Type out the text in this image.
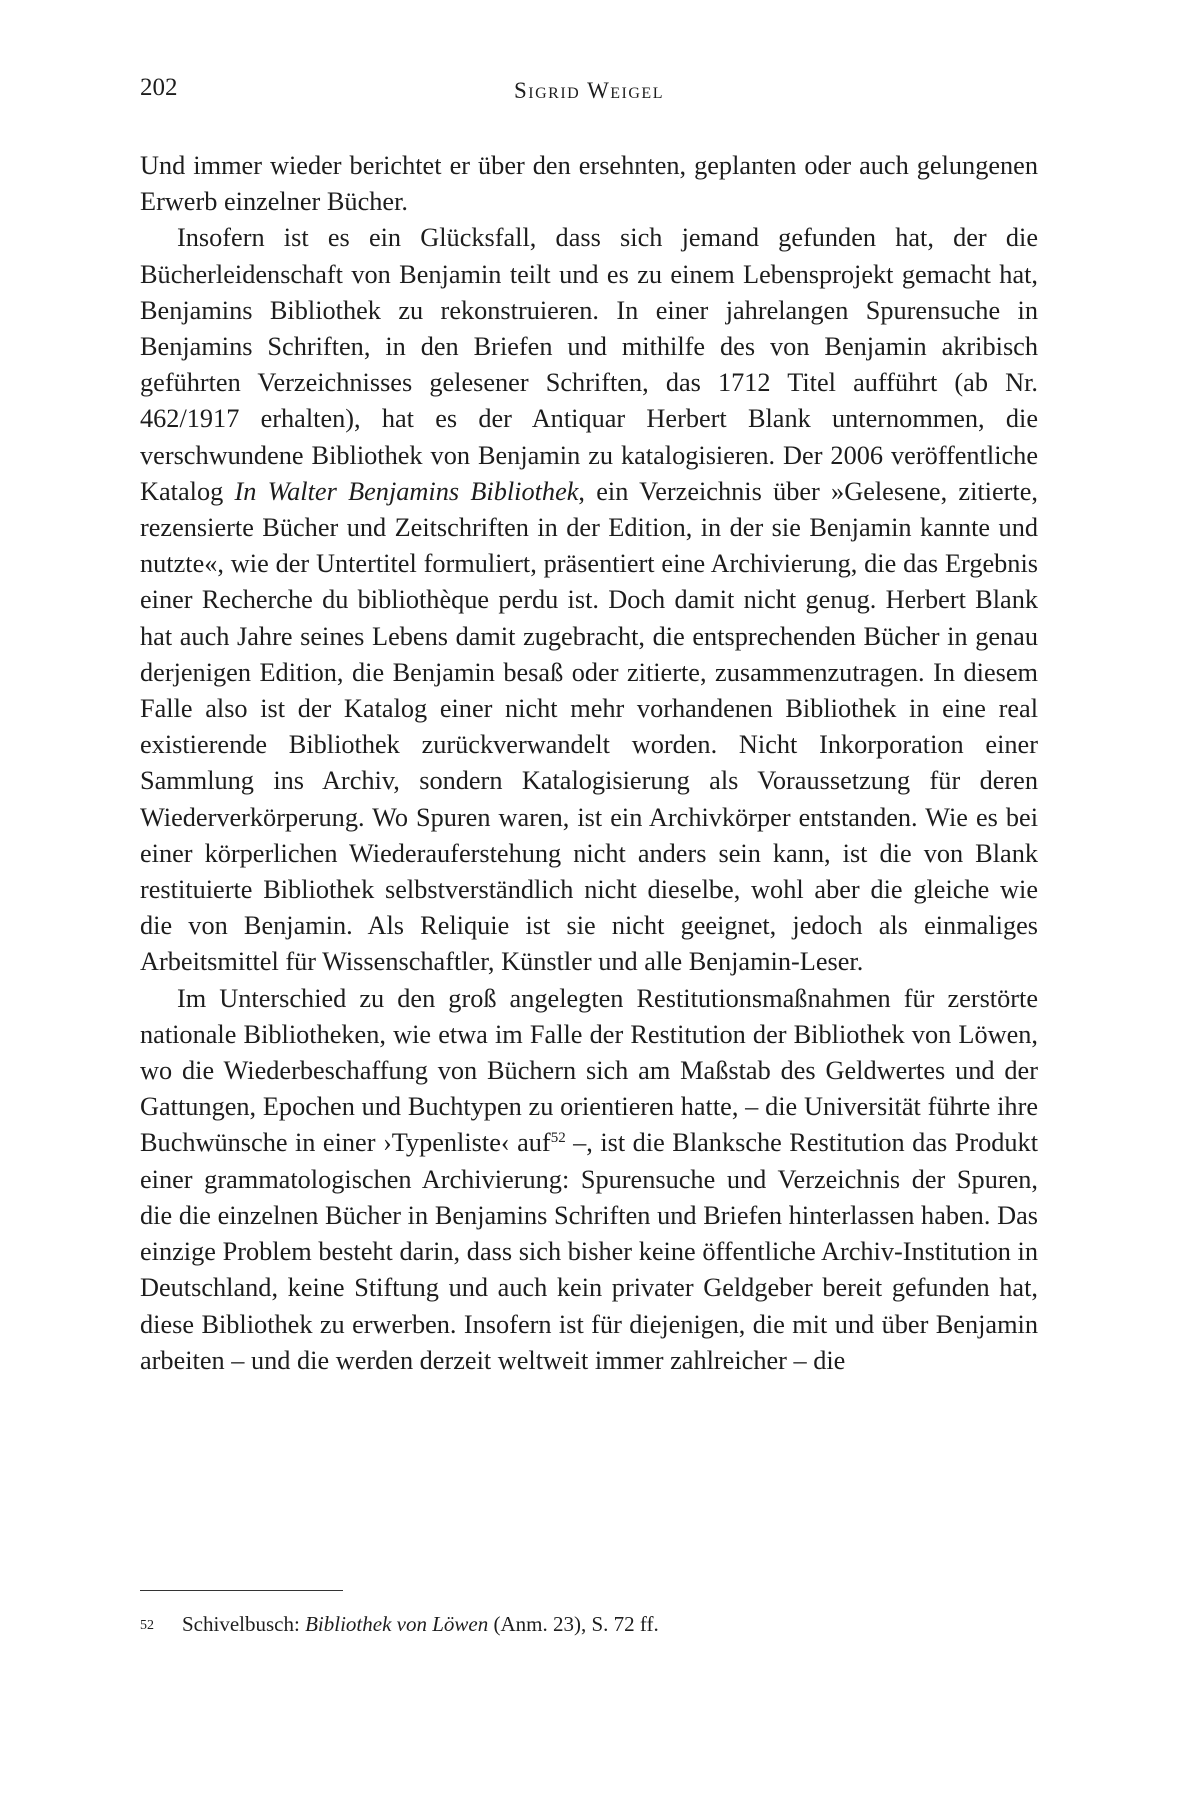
202	Sigrid Weigel

Und immer wieder berichtet er über den ersehnten, geplanten oder auch gelungenen Erwerb einzelner Bücher.

Insofern ist es ein Glücksfall, dass sich jemand gefunden hat, der die Bücherleidenschaft von Benjamin teilt und es zu einem Lebensprojekt gemacht hat, Benjamins Bibliothek zu rekonstruieren. In einer jahrelangen Spurensuche in Benjamins Schriften, in den Briefen und mithilfe des von Benjamin akribisch geführten Verzeichnisses gelesener Schriften, das 1712 Titel aufführt (ab Nr. 462/1917 erhalten), hat es der Antiquar Herbert Blank unternommen, die verschwundene Bibliothek von Benjamin zu katalogisieren. Der 2006 veröffentliche Katalog In Walter Benjamins Bibliothek, ein Verzeichnis über »Gelesene, zitierte, rezensierte Bücher und Zeitschriften in der Edition, in der sie Benjamin kannte und nutzte«, wie der Untertitel formuliert, präsentiert eine Archivierung, die das Ergebnis einer Recherche du bibliothèque perdu ist. Doch damit nicht genug. Herbert Blank hat auch Jahre seines Lebens damit zugebracht, die entsprechenden Bücher in genau derjenigen Edition, die Benjamin besaß oder zitierte, zusammenzutragen. In diesem Falle also ist der Katalog einer nicht mehr vorhandenen Bibliothek in eine real existierende Bibliothek zurückverwandelt worden. Nicht Inkorporation einer Sammlung ins Archiv, sondern Katalogisierung als Voraussetzung für deren Wiederverkörperung. Wo Spuren waren, ist ein Archivkörper entstanden. Wie es bei einer körperlichen Wiederauferstehung nicht anders sein kann, ist die von Blank restituierte Bibliothek selbstverständlich nicht dieselbe, wohl aber die gleiche wie die von Benjamin. Als Reliquie ist sie nicht geeignet, jedoch als einmaliges Arbeitsmittel für Wissenschaftler, Künstler und alle Benjamin-Leser.

Im Unterschied zu den groß angelegten Restitutionsmaßnahmen für zerstörte nationale Bibliotheken, wie etwa im Falle der Restitution der Bibliothek von Löwen, wo die Wiederbeschaffung von Büchern sich am Maßstab des Geldwertes und der Gattungen, Epochen und Buchtypen zu orientieren hatte, – die Universität führte ihre Buchwünsche in einer ›Typenliste‹ auf$^{52}$ –, ist die Blanksche Restitution das Produkt einer grammatologischen Archivierung: Spurensuche und Verzeichnis der Spuren, die die einzelnen Bücher in Benjamins Schriften und Briefen hinterlassen haben. Das einzige Problem besteht darin, dass sich bisher keine öffentliche Archiv-Institution in Deutschland, keine Stiftung und auch kein privater Geldgeber bereit gefunden hat, diese Bibliothek zu erwerben. Insofern ist für diejenigen, die mit und über Benjamin arbeiten – und die werden derzeit weltweit immer zahlreicher – die

52 Schivelbusch: Bibliothek von Löwen (Anm. 23), S. 72 ff.
